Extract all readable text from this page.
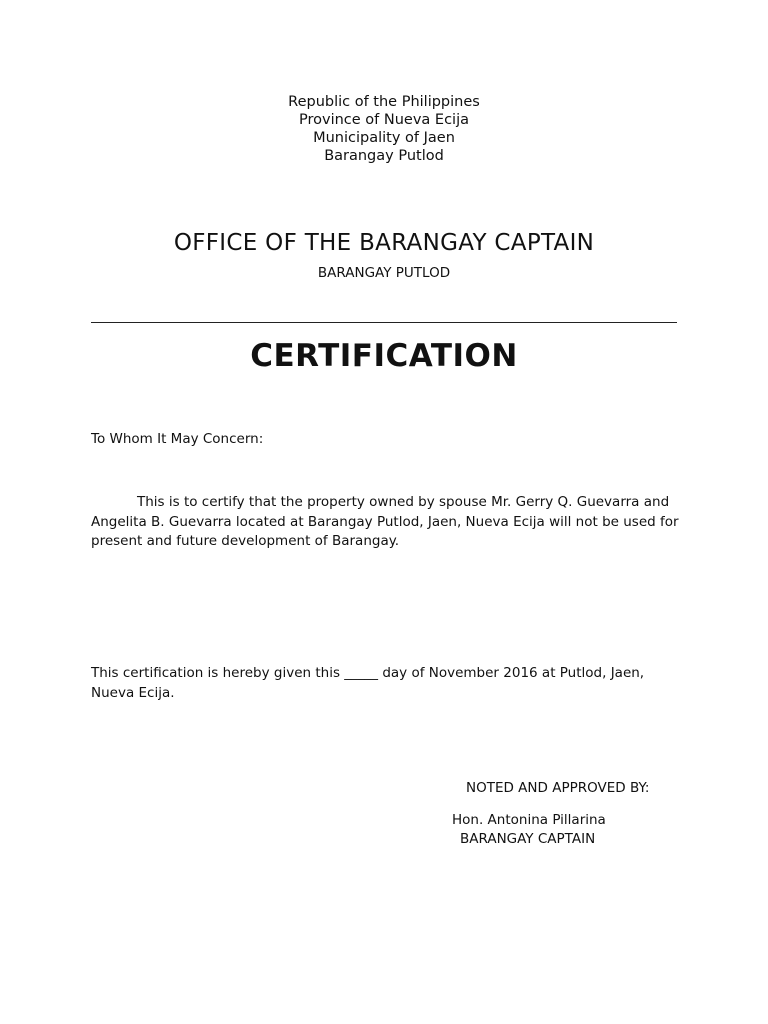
Republic of the Philippines
Province of Nueva Ecija
Municipality of Jaen
Barangay Putlod
OFFICE OF THE BARANGAY CAPTAIN
BARANGAY PUTLOD
CERTIFICATION
To Whom It May Concern:
This is to certify that the property owned by spouse Mr. Gerry Q. Guevarra and Angelita B. Guevarra located at Barangay Putlod, Jaen, Nueva Ecija will not be used for present and future development of Barangay.
This certification is hereby given this _____ day of November 2016 at Putlod, Jaen, Nueva Ecija.
NOTED AND APPROVED BY:
Hon. Antonina Pillarina
BARANGAY CAPTAIN
